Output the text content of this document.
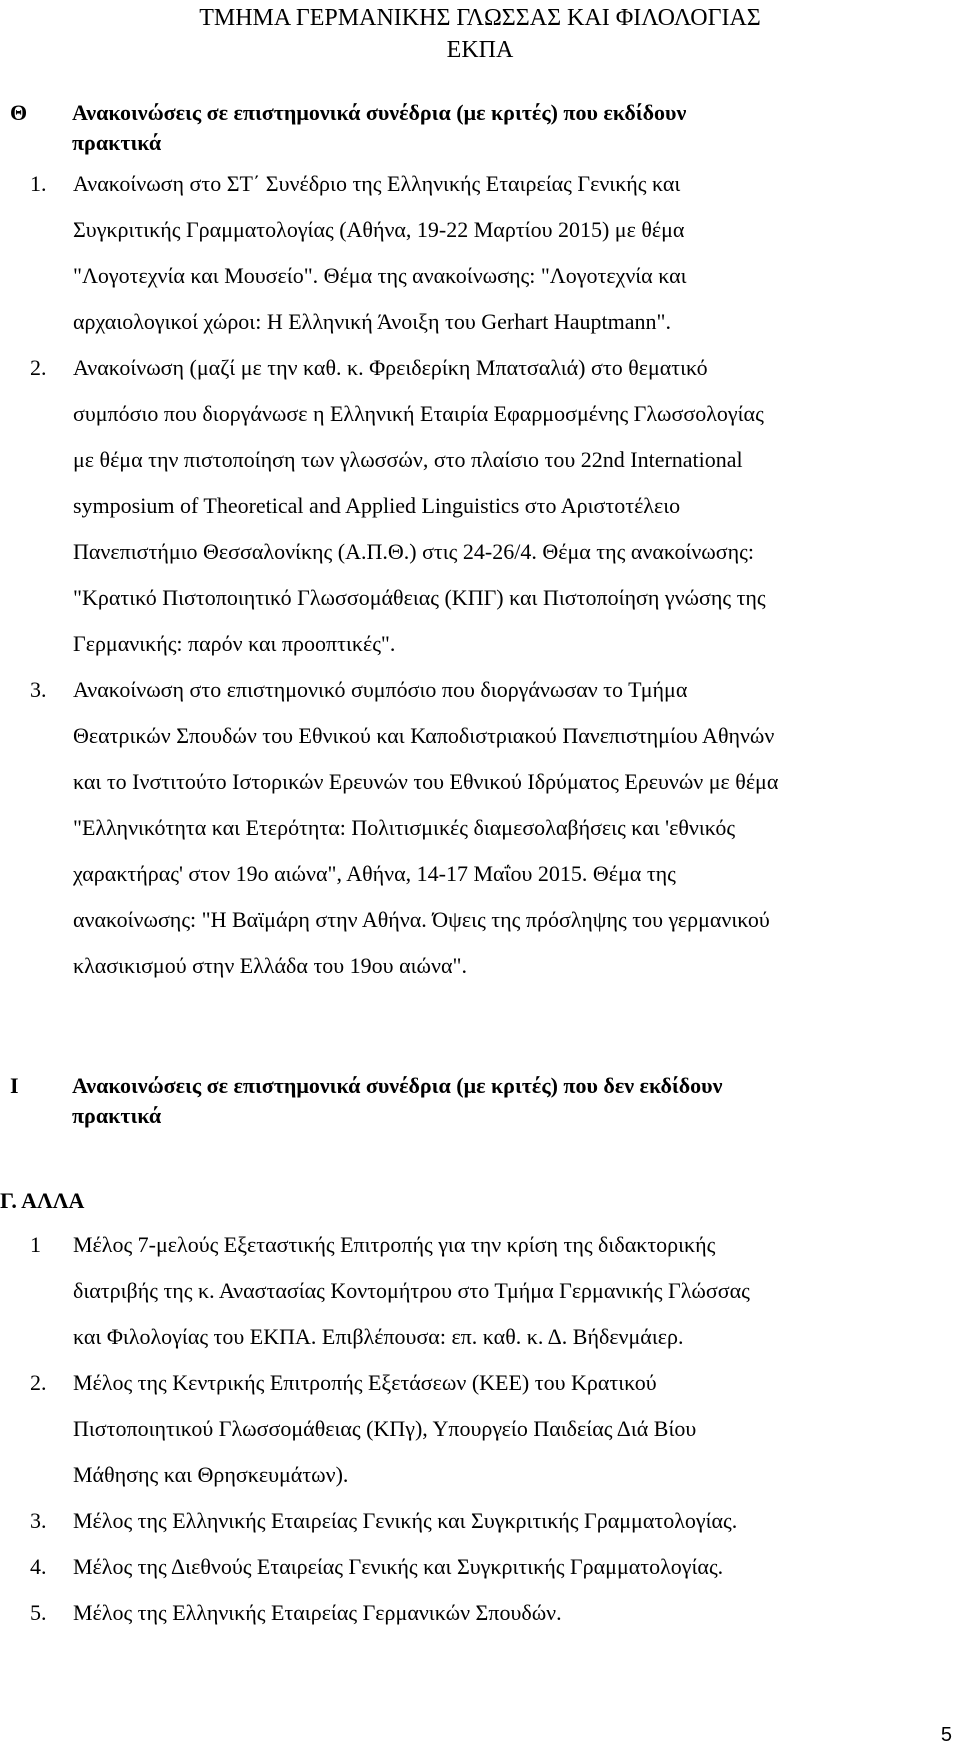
ΤΜΗΜΑ ΓΕΡΜΑΝΙΚΗΣ ΓΛΩΣΣΑΣ ΚΑΙ ΦΙΛΟΛΟΓΙΑΣ
ΕΚΠΑ
Θ Ανακοινώσεις σε επιστημονικά συνέδρια (με κριτές) που εκδίδουν
πρακτικά
1.	Ανακοίνωση στο ΣΤ΄ Συνέδριο της Ελληνικής Εταιρείας Γενικής και
Συγκριτικής Γραμματολογίας (Αθήνα, 19-22 Μαρτίου 2015) με θέμα
"Λογοτεχνία και Μουσείο". Θέμα της ανακοίνωσης: "Λογοτεχνία και
αρχαιολογικοί χώροι: Η Ελληνική Άνοιξη του Gerhart Hauptmann".
2.	Ανακοίνωση (μαζί με την καθ. κ. Φρειδερίκη Μπατσαλιά) στο θεματικό
συμπόσιο που διοργάνωσε η Ελληνική Εταιρία Εφαρμοσμένης Γλωσσολογίας
με θέμα την πιστοποίηση των γλωσσών, στο πλαίσιο του 22nd International
symposium of Theoretical and Applied Linguistics στο Αριστοτέλειο
Πανεπιστήμιο Θεσσαλονίκης (Α.Π.Θ.) στις 24-26/4. Θέμα της ανακοίνωσης:
"Κρατικό Πιστοποιητικό Γλωσσομάθειας (ΚΠΓ) και Πιστοποίηση γνώσης της
Γερμανικής: παρόν και προοπτικές".
3.	Ανακοίνωση στο επιστημονικό συμπόσιο που διοργάνωσαν το Τμήμα
Θεατρικών Σπουδών του Εθνικού και Καποδιστριακού Πανεπιστημίου Αθηνών
και το Ινστιτούτο Ιστορικών Ερευνών του Εθνικού Ιδρύματος Ερευνών με θέμα
"Ελληνικότητα και Ετερότητα: Πολιτισμικές διαμεσολαβήσεις και 'εθνικός
χαρακτήρας' στον 19ο αιώνα", Αθήνα, 14-17 Μαΐου 2015. Θέμα της
ανακοίνωσης: "Η Βαϊμάρη στην Αθήνα. Όψεις της πρόσληψης του γερμανικού
κλασικισμού στην Ελλάδα του 19ου αιώνα".
Ι Ανακοινώσεις σε επιστημονικά συνέδρια (με κριτές) που δεν εκδίδουν
πρακτικά
Γ. ΑΛΛΑ
1	Μέλος 7-μελούς Εξεταστικής Επιτροπής για την κρίση της διδακτορικής
διατριβής της κ. Αναστασίας Κοντομήτρου στο Τμήμα Γερμανικής Γλώσσας
και Φιλολογίας του ΕΚΠΑ. Επιβλέπουσα: επ. καθ. κ. Δ. Βήδενμάιερ.
2.	Μέλος της Κεντρικής Επιτροπής Εξετάσεων (ΚΕΕ) του Κρατικού
Πιστοποιητικού Γλωσσομάθειας (ΚΠγ), Υπουργείο Παιδείας Διά Βίου
Μάθησης και Θρησκευμάτων).
3.	Μέλος της Ελληνικής Εταιρείας Γενικής και Συγκριτικής Γραμματολογίας.
4.	Μέλος της Διεθνούς Εταιρείας Γενικής και Συγκριτικής Γραμματολογίας.
5.	Μέλος της Ελληνικής Εταιρείας Γερμανικών Σπουδών.
5
